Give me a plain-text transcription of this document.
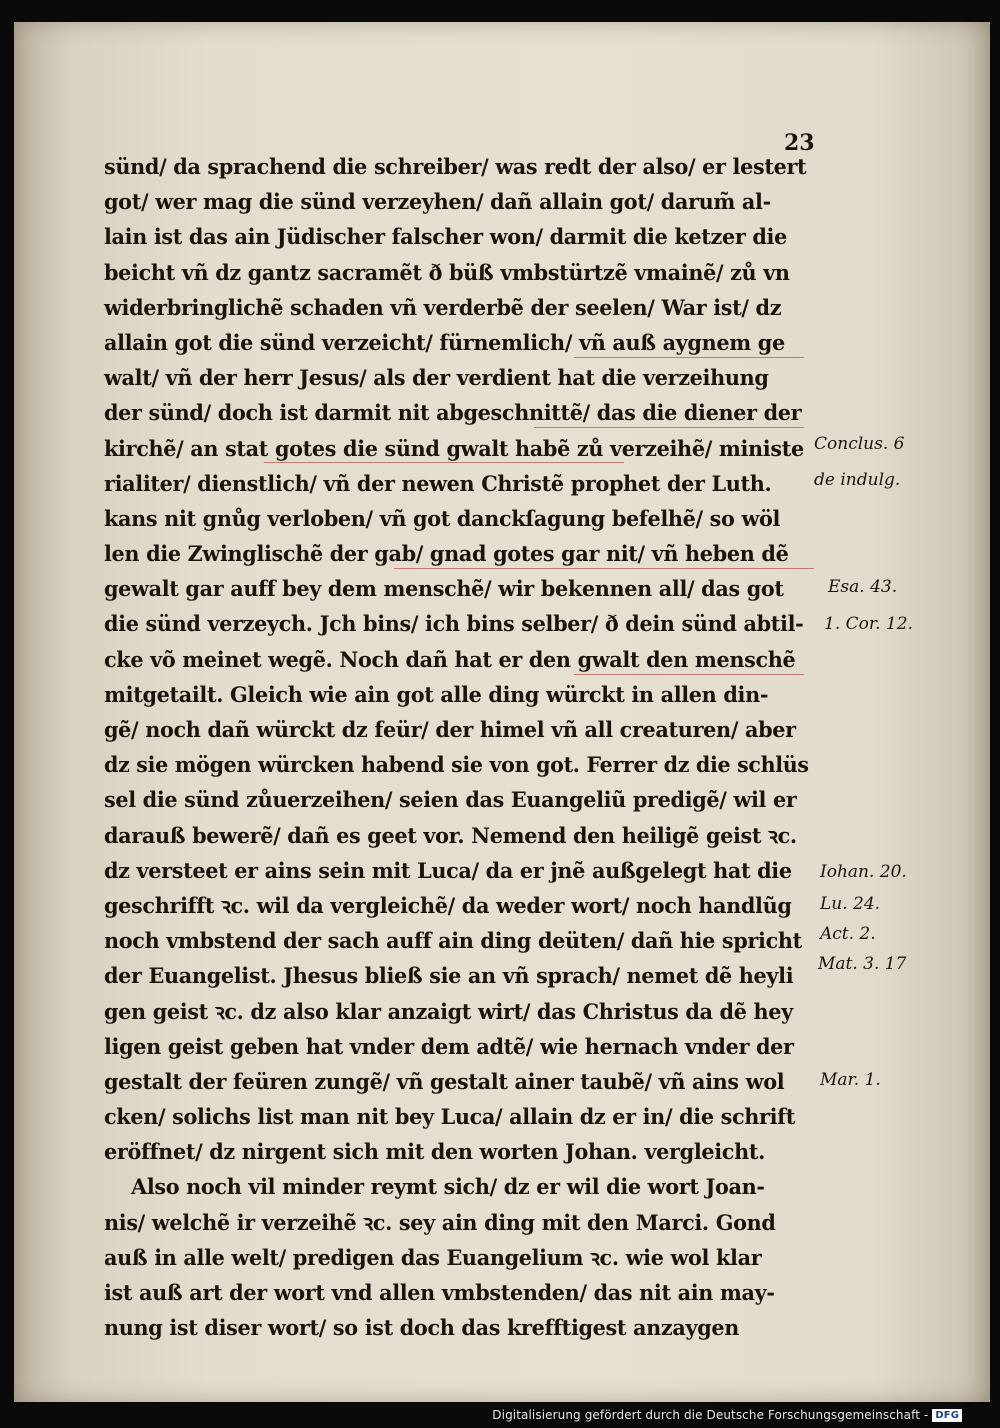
23
sünd/ da sprachend die schreiber/ was redt der also/ er lestert
got/ wer mag die sünd verzeyhen/ dañ allain got/ darum̃ al-
lain ist das ain Jüdischer falscher won/ darmit die ketzer die
beicht vñ dz gantz sacramẽt ð büß vmbstürtzẽ vmainẽ/ zů vn
widerbringlichẽ schaden vñ verderbẽ der seelen/ War ist/ dz
allain got die sünd verzeicht/ fürnemlich/ vñ auß aygnem ge
walt/ vñ der herr Jesus/ als der verdient hat die verzeihung
der sünd/ doch ist darmit nit abgeschnittẽ/ das die diener der
kirchẽ/ an stat gotes die sünd gwalt habẽ zů verzeihẽ/ ministe
rialiter/ dienstlich/ vñ der newen Christẽ prophet der Luth.
kans nit gnůg verloben/ vñ got danckſagung befelhẽ/ so wöl
len die Zwinglischẽ der gab/ gnad gotes gar nit/ vñ heben dẽ
gewalt gar auff bey dem menschẽ/ wir bekennen all/ das got
die sünd verzeych. Jch bins/ ich bins selber/ ð dein sünd abtil-
cke võ meinet wegẽ. Noch dañ hat er den gwalt den menschẽ
mitgetailt. Gleich wie ain got alle ding würckt in allen din-
gẽ/ noch dañ würckt dz feür/ der himel vñ all creaturen/ aber
dz sie mögen würcken habend sie von got. Ferrer dz die schlüs
sel die sünd zůuerzeihen/ seien das Euangeliũ predigẽ/ wil er
darauß bewerẽ/ dañ es geet vor. Nemend den heiligẽ geist ꝛc.
dz versteet er ains sein mit Luca/ da er jnẽ außgelegt hat die
geschrifft ꝛc. wil da vergleichẽ/ da weder wort/ noch handlũg
noch vmbstend der sach auff ain ding deüten/ dañ hie spricht
der Euangelist. Jhesus bließ sie an vñ sprach/ nemet dẽ heyli
gen geist ꝛc. dz also klar anzaigt wirt/ das Christus da dẽ hey
ligen geist geben hat vnder dem adtẽ/ wie hernach vnder der
gestalt der feüren zungẽ/ vñ gestalt ainer taubẽ/ vñ ains wol
cken/ solichs list man nit bey Luca/ allain dz er in/ die schrift
eröffnet/ dz nirgent sich mit den worten Johan. vergleicht.
Also noch vil minder reymt sich/ dz er wil die wort Joan-
nis/ welchẽ ir verzeihẽ ꝛc. sey ain ding mit den Marci. Gond
auß in alle welt/ predigen das Euangelium ꝛc. wie wol klar
ist auß art der wort vnd allen vmbstenden/ das nit ain may-
nung ist diser wort/ so ist doch das krefftigest anzaygen
Conclus. 6
de indulg.
Esa. 43.
1. Cor. 12.
Iohan. 20.
Lu. 24.
Act. 2.
Mat. 3. 17
Mar. 1.
Digitalisierung gefördert durch die Deutsche Forschungsgemeinschaft - DFG
